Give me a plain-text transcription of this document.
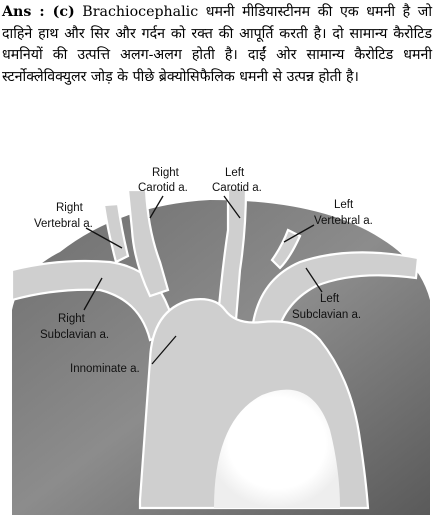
Ans : (c) Brachiocephalic धमनी मीडियास्टीनम की एक धमनी है जो दाहिने हाथ और सिर और गर्दन को रक्त की आपूर्ति करती है। दो सामान्य कैरोटिड धमनियों की उत्पत्ति अलग-अलग होती है। दाईं ओर सामान्य कैरोटिड धमनी स्टर्नोक्लेविक्युलर जोड़ के पीछे ब्रेक्योसिफैलिक धमनी से उत्पन्न होती है।
Right
Carotid a.
Left
Carotid a.
Right
Vertebral a.
Left
Vertebral a.
Right
Subclavian a.
Left
Subclavian a.
Innominate a.
